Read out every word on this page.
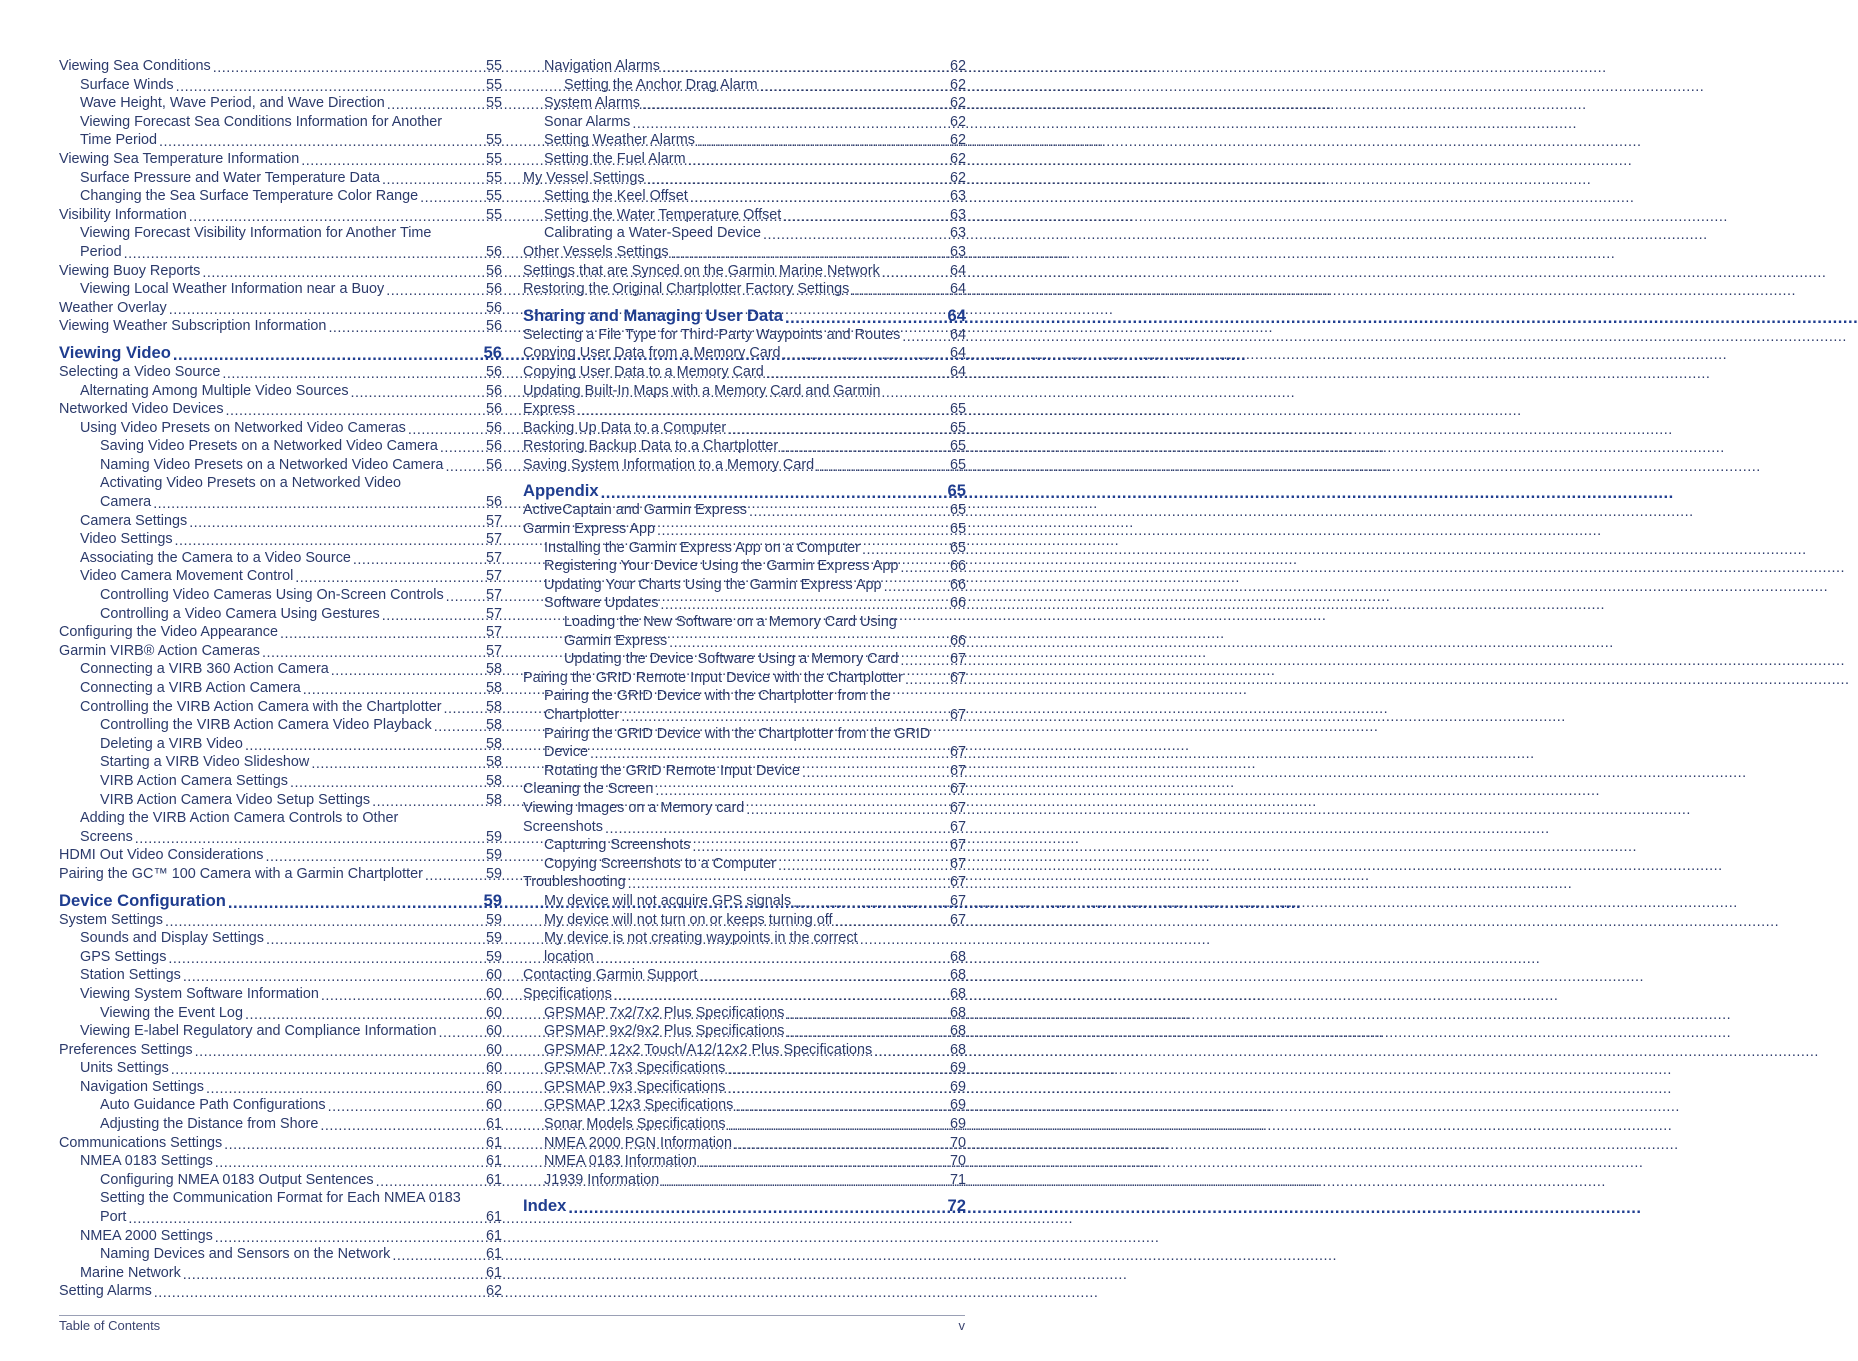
Viewing Sea Conditions .....	55
Surface Winds .....	55
Wave Height, Wave Period, and Wave Direction .....	55
Viewing Forecast Sea Conditions Information for Another
Time Period .....	55
Viewing Sea Temperature Information .....	55
Surface Pressure and Water Temperature Data .....	55
Changing the Sea Surface Temperature Color Range .....	55
Visibility Information .....	55
Viewing Forecast Visibility Information for Another Time
Period .....	56
Viewing Buoy Reports .....	56
Viewing Local Weather Information near a Buoy .....	56
Weather Overlay .....	56
Viewing Weather Subscription Information .....	56
Viewing Video .....	56
Selecting a Video Source .....	56
Alternating Among Multiple Video Sources .....	56
Networked Video Devices .....	56
Using Video Presets on Networked Video Cameras .....	56
Saving Video Presets on a Networked Video Camera .....	56
Naming Video Presets on a Networked Video Camera .....	56
Activating Video Presets on a Networked Video
Camera .....	56
Camera Settings .....	57
Video Settings .....	57
Associating the Camera to a Video Source .....	57
Video Camera Movement Control .....	57
Controlling Video Cameras Using On-Screen Controls .....	57
Controlling a Video Camera Using Gestures .....	57
Configuring the Video Appearance .....	57
Garmin VIRB® Action Cameras .....	57
Connecting a VIRB 360 Action Camera .....	58
Connecting a VIRB Action Camera .....	58
Controlling the VIRB Action Camera with the Chartplotter .....	58
Controlling the VIRB Action Camera Video Playback .....	58
Deleting a VIRB Video .....	58
Starting a VIRB Video Slideshow .....	58
VIRB Action Camera Settings .....	58
VIRB Action Camera Video Setup Settings .....	58
Adding the VIRB Action Camera Controls to Other
Screens .....	59
HDMI Out Video Considerations .....	59
Pairing the GC™ 100 Camera with a Garmin Chartplotter .....	59
Device Configuration .....	59
System Settings .....	59
Sounds and Display Settings .....	59
GPS Settings .....	59
Station Settings .....	60
Viewing System Software Information .....	60
Viewing the Event Log .....	60
Viewing E-label Regulatory and Compliance Information .....	60
Preferences Settings .....	60
Units Settings .....	60
Navigation Settings .....	60
Auto Guidance Path Configurations .....	60
Adjusting the Distance from Shore .....	61
Communications Settings .....	61
NMEA 0183 Settings .....	61
Configuring NMEA 0183 Output Sentences .....	61
Setting the Communication Format for Each NMEA 0183
Port .....	61
NMEA 2000 Settings .....	61
Naming Devices and Sensors on the Network .....	61
Marine Network .....	61
Setting Alarms .....	62
Navigation Alarms .....	62
Setting the Anchor Drag Alarm .....	62
System Alarms .....	62
Sonar Alarms .....	62
Setting Weather Alarms .....	62
Setting the Fuel Alarm .....	62
My Vessel Settings .....	62
Setting the Keel Offset .....	63
Setting the Water Temperature Offset .....	63
Calibrating a Water-Speed Device .....	63
Other Vessels Settings .....	63
Settings that are Synced on the Garmin Marine Network .....	64
Restoring the Original Chartplotter Factory Settings .....	64
Sharing and Managing User Data .....	64
Selecting a File Type for Third-Party Waypoints and Routes .....	64
Copying User Data from a Memory Card .....	64
Copying User Data to a Memory Card .....	64
Updating Built-In Maps with a Memory Card and Garmin
Express .....	65
Backing Up Data to a Computer .....	65
Restoring Backup Data to a Chartplotter .....	65
Saving System Information to a Memory Card .....	65
Appendix .....	65
ActiveCaptain and Garmin Express .....	65
Garmin Express App .....	65
Installing the Garmin Express App on a Computer .....	65
Registering Your Device Using the Garmin Express App .....	66
Updating Your Charts Using the Garmin Express App .....	66
Software Updates .....	66
Loading the New Software on a Memory Card Using
Garmin Express .....	66
Updating the Device Software Using a Memory Card .....	67
Pairing the GRID Remote Input Device with the Chartplotter .....	67
Pairing the GRID Device with the Chartplotter from the
Chartplotter .....	67
Pairing the GRID Device with the Chartplotter from the GRID
Device .....	67
Rotating the GRID Remote Input Device .....	67
Cleaning the Screen .....	67
Viewing Images on a Memory card .....	67
Screenshots .....	67
Capturing Screenshots .....	67
Copying Screenshots to a Computer .....	67
Troubleshooting .....	67
My device will not acquire GPS signals .....	67
My device will not turn on or keeps turning off .....	67
My device is not creating waypoints in the correct
location .....	68
Contacting Garmin Support .....	68
Specifications .....	68
GPSMAP 7x2/7x2 Plus Specifications .....	68
GPSMAP 9x2/9x2 Plus Specifications .....	68
GPSMAP 12x2 Touch/A12/12x2 Plus Specifications .....	68
GPSMAP 7x3 Specifications .....	69
GPSMAP 9x3 Specifications .....	69
GPSMAP 12x3 Specifications .....	69
Sonar Models Specifications .....	69
NMEA 2000 PGN Information .....	70
NMEA 0183 Information .....	70
J1939 Information .....	71
Index .....	72
Table of Contents	v
